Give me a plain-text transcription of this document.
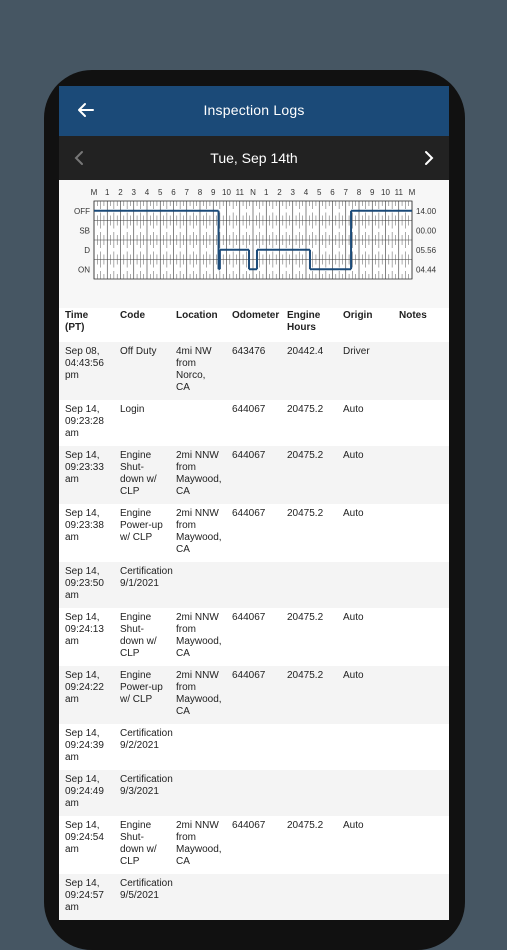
Inspection Logs
Tue, Sep 14th
M 1 2 3 4 5 6 7 8 9 10 11 N 1 2 3 4 5 6 7 8 9 10 11 M
OFF
SB
D
ON
14.00
00.00
05.56
04.44
Time
(PT)	Code	Location	Odometer	Engine
Hours	Origin	Notes
Sep 08,
04:43:56
pm	Off Duty	4mi NW
from
Norco,
CA	643476	20442.4	Driver	
Sep 14,
09:23:28
am	Login		644067	20475.2	Auto	
Sep 14,
09:23:33
am	Engine
Shut-
down w/
CLP	2mi NNW
from
Maywood,
CA	644067	20475.2	Auto	
Sep 14,
09:23:38
am	Engine
Power-up
w/ CLP	2mi NNW
from
Maywood,
CA	644067	20475.2	Auto	
Sep 14,
09:23:50
am	Certification
9/1/2021					
Sep 14,
09:24:13
am	Engine
Shut-
down w/
CLP	2mi NNW
from
Maywood,
CA	644067	20475.2	Auto	
Sep 14,
09:24:22
am	Engine
Power-up
w/ CLP	2mi NNW
from
Maywood,
CA	644067	20475.2	Auto	
Sep 14,
09:24:39
am	Certification
9/2/2021					
Sep 14,
09:24:49
am	Certification
9/3/2021					
Sep 14,
09:24:54
am	Engine
Shut-
down w/
CLP	2mi NNW
from
Maywood,
CA	644067	20475.2	Auto	
Sep 14,
09:24:57
am	Certification
9/5/2021					
